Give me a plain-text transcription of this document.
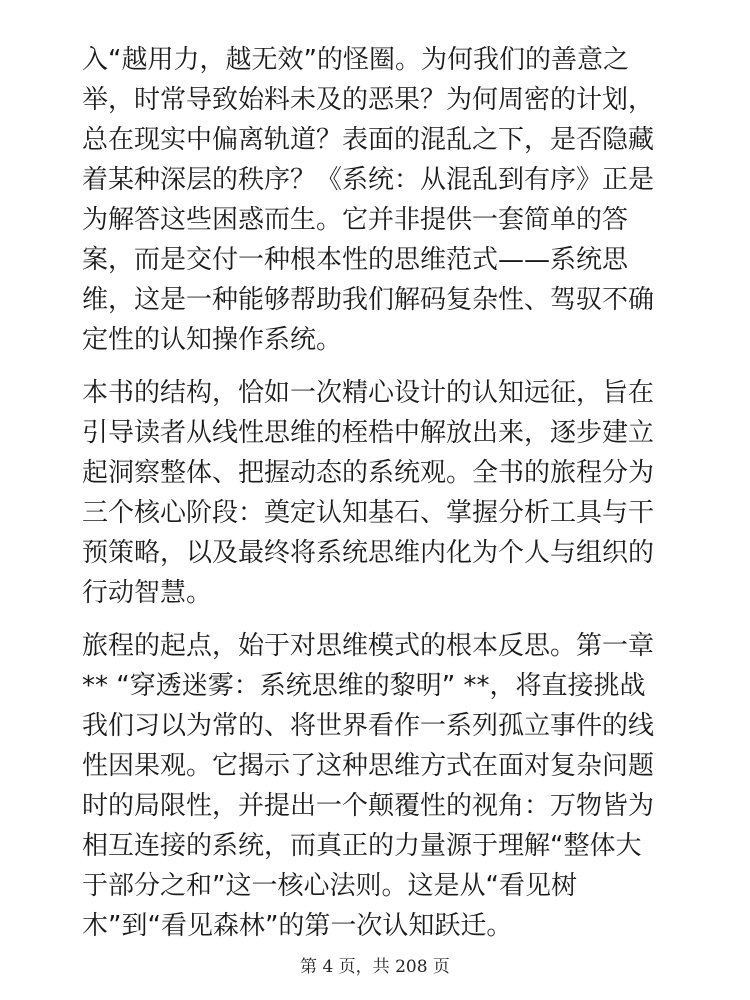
入“越用力，越无效”的怪圈。为何我们的善意之
举，时常导致始料未及的恶果？为何周密的计划，
总在现实中偏离轨道？表面的混乱之下，是否隐藏
着某种深层的秩序？《系统：从混乱到有序》正是
为解答这些困惑而生。它并非提供一套简单的答
案，而是交付一种根本性的思维范式——系统思
维，这是一种能够帮助我们解码复杂性、驾驭不确
定性的认知操作系统。
本书的结构，恰如一次精心设计的认知远征，旨在
引导读者从线性思维的桎梏中解放出来，逐步建立
起洞察整体、把握动态的系统观。全书的旅程分为
三个核心阶段：奠定认知基石、掌握分析工具与干
预策略，以及最终将系统思维内化为个人与组织的
行动智慧。
旅程的起点，始于对思维模式的根本反思。第一章
** “穿透迷雾：系统思维的黎明” **，将直接挑战
我们习以为常的、将世界看作一系列孤立事件的线
性因果观。它揭示了这种思维方式在面对复杂问题
时的局限性，并提出一个颠覆性的视角：万物皆为
相互连接的系统，而真正的力量源于理解“整体大
于部分之和”这一核心法则。这是从“看见树
木”到“看见森林”的第一次认知跃迁。
第 4 页，共 208 页
